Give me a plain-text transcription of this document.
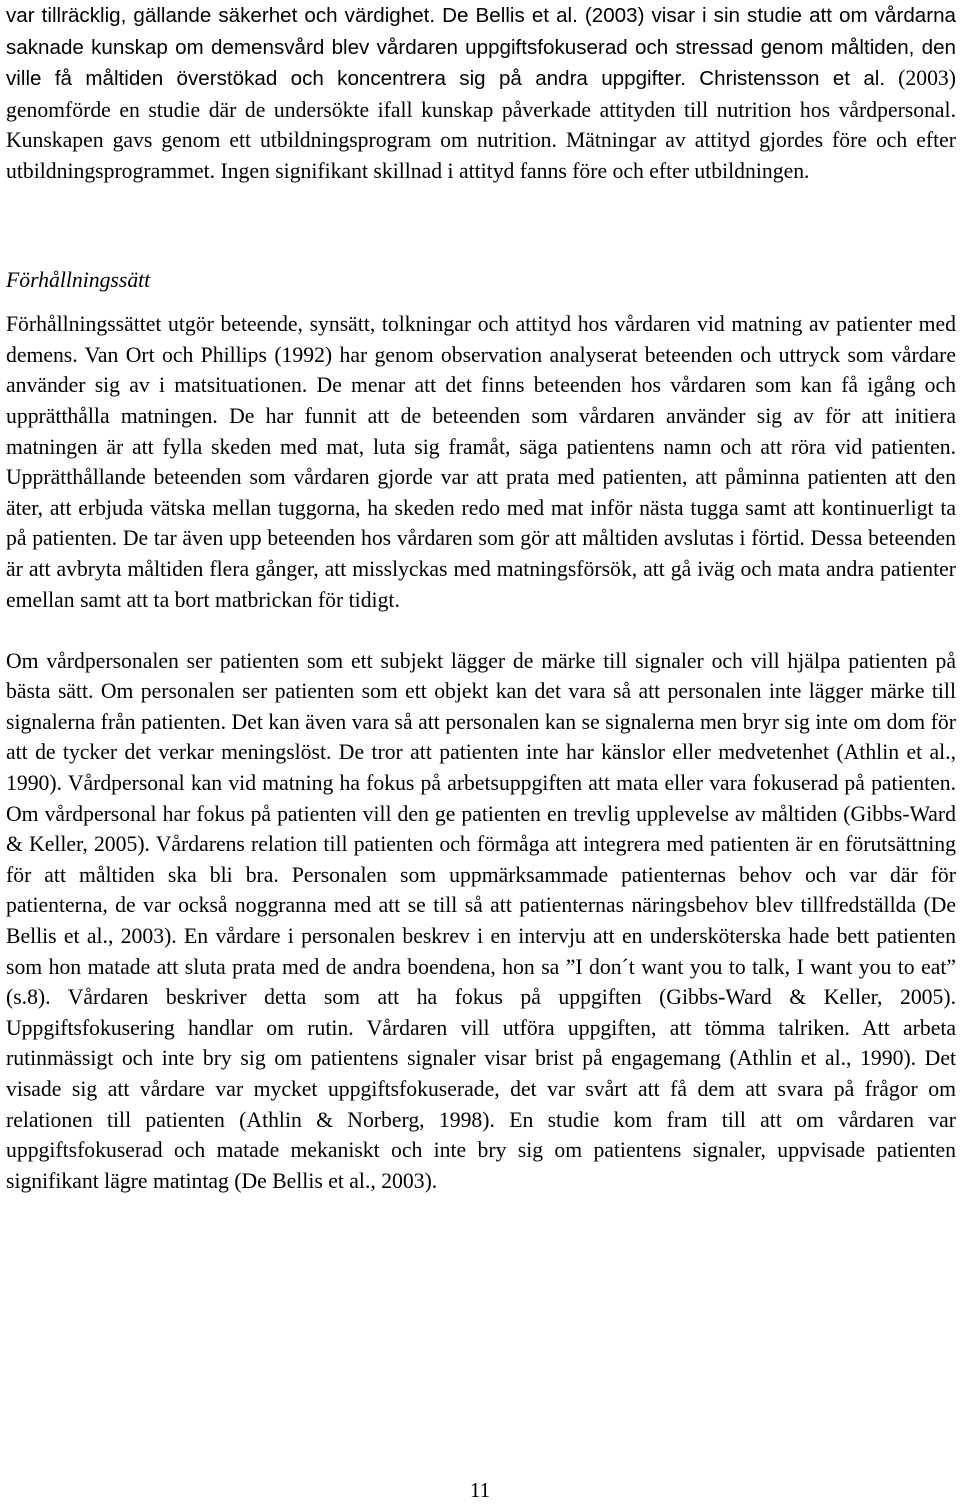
var tillräcklig, gällande säkerhet och värdighet. De Bellis et al. (2003) visar i sin studie att om vårdarna saknade kunskap om demensvård blev vårdaren uppgiftsfokuserad och stressad genom måltiden, den ville få måltiden överstökad och koncentrera sig på andra uppgifter. Christensson et al. (2003) genomförde en studie där de undersökte ifall kunskap påverkade attityden till nutrition hos vårdpersonal. Kunskapen gavs genom ett utbildningsprogram om nutrition. Mätningar av attityd gjordes före och efter utbildningsprogrammet. Ingen signifikant skillnad i attityd fanns före och efter utbildningen.

Förhållningssätt

Förhållningssättet utgör beteende, synsätt, tolkningar och attityd hos vårdaren vid matning av patienter med demens. Van Ort och Phillips (1992) har genom observation analyserat beteenden och uttryck som vårdare använder sig av i matsituationen. De menar att det finns beteenden hos vårdaren som kan få igång och upprätthålla matningen. De har funnit att de beteenden som vårdaren använder sig av för att initiera matningen är att fylla skeden med mat, luta sig framåt, säga patientens namn och att röra vid patienten. Upprätthållande beteenden som vårdaren gjorde var att prata med patienten, att påminna patienten att den äter, att erbjuda vätska mellan tuggorna, ha skeden redo med mat inför nästa tugga samt att kontinuerligt ta på patienten. De tar även upp beteenden hos vårdaren som gör att måltiden avslutas i förtid. Dessa beteenden är att avbryta måltiden flera gånger, att misslyckas med matningsförsök, att gå iväg och mata andra patienter emellan samt att ta bort matbrickan för tidigt.

Om vårdpersonalen ser patienten som ett subjekt lägger de märke till signaler och vill hjälpa patienten på bästa sätt. Om personalen ser patienten som ett objekt kan det vara så att personalen inte lägger märke till signalerna från patienten. Det kan även vara så att personalen kan se signalerna men bryr sig inte om dom för att de tycker det verkar meningslöst. De tror att patienten inte har känslor eller medvetenhet (Athlin et al., 1990). Vårdpersonal kan vid matning ha fokus på arbetsuppgiften att mata eller vara fokuserad på patienten. Om vårdpersonal har fokus på patienten vill den ge patienten en trevlig upplevelse av måltiden (Gibbs-Ward & Keller, 2005). Vårdarens relation till patienten och förmåga att integrera med patienten är en förutsättning för att måltiden ska bli bra. Personalen som uppmärksammade patienternas behov och var där för patienterna, de var också noggranna med att se till så att patienternas näringsbehov blev tillfredställda (De Bellis et al., 2003). En vårdare i personalen beskrev i en intervju att en undersköterska hade bett patienten som hon matade att sluta prata med de andra boendena, hon sa ”I don´t want you to talk, I want you to eat” (s.8). Vårdaren beskriver detta som att ha fokus på uppgiften (Gibbs-Ward & Keller, 2005). Uppgiftsfokusering handlar om rutin. Vårdaren vill utföra uppgiften, att tömma talriken. Att arbeta rutinmässigt och inte bry sig om patientens signaler visar brist på engagemang (Athlin et al., 1990). Det visade sig att vårdare var mycket uppgiftsfokuserade, det var svårt att få dem att svara på frågor om relationen till patienten (Athlin & Norberg, 1998). En studie kom fram till att om vårdaren var uppgiftsfokuserad och matade mekaniskt och inte bry sig om patientens signaler, uppvisade patienten signifikant lägre matintag (De Bellis et al., 2003).

11
